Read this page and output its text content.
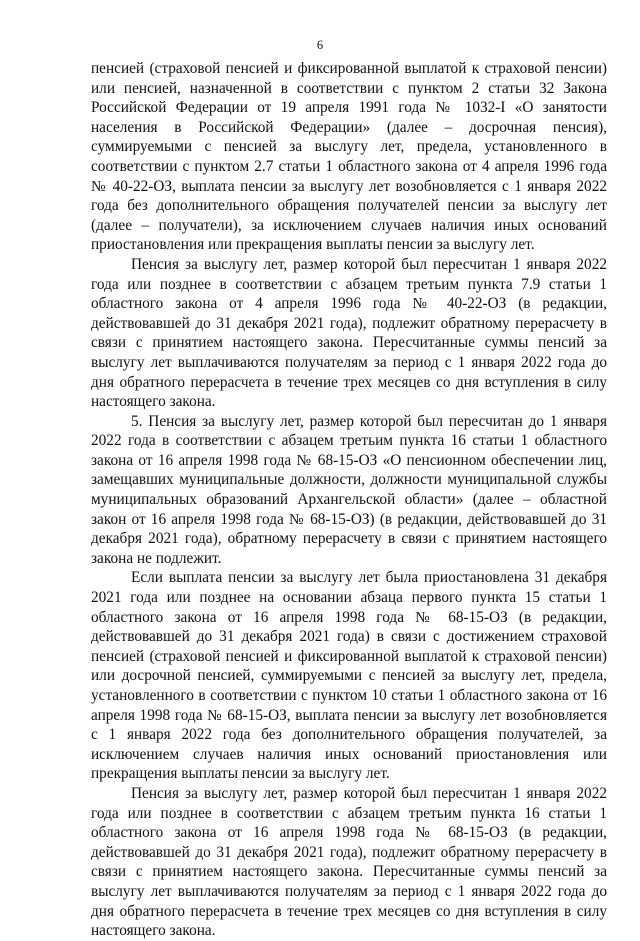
6

пенсией (страховой пенсией и фиксированной выплатой к страховой пенсии) или пенсией, назначенной в соответствии с пунктом 2 статьи 32 Закона Российской Федерации от 19 апреля 1991 года № 1032-I «О занятости населения в Российской Федерации» (далее – досрочная пенсия), суммируемыми с пенсией за выслугу лет, предела, установленного в соответствии с пунктом 2.7 статьи 1 областного закона от 4 апреля 1996 года № 40-22-ОЗ, выплата пенсии за выслугу лет возобновляется с 1 января 2022 года без дополнительного обращения получателей пенсии за выслугу лет (далее – получатели), за исключением случаев наличия иных оснований приостановления или прекращения выплаты пенсии за выслугу лет.

Пенсия за выслугу лет, размер которой был пересчитан 1 января 2022 года или позднее в соответствии с абзацем третьим пункта 7.9 статьи 1 областного закона от 4 апреля 1996 года № 40-22-ОЗ (в редакции, действовавшей до 31 декабря 2021 года), подлежит обратному перерасчету в связи с принятием настоящего закона. Пересчитанные суммы пенсий за выслугу лет выплачиваются получателям за период с 1 января 2022 года до дня обратного перерасчета в течение трех месяцев со дня вступления в силу настоящего закона.

5. Пенсия за выслугу лет, размер которой был пересчитан до 1 января 2022 года в соответствии с абзацем третьим пункта 16 статьи 1 областного закона от 16 апреля 1998 года № 68-15-ОЗ «О пенсионном обеспечении лиц, замещавших муниципальные должности, должности муниципальной службы муниципальных образований Архангельской области» (далее – областной закон от 16 апреля 1998 года № 68-15-ОЗ) (в редакции, действовавшей до 31 декабря 2021 года), обратному перерасчету в связи с принятием настоящего закона не подлежит.

Если выплата пенсии за выслугу лет была приостановлена 31 декабря 2021 года или позднее на основании абзаца первого пункта 15 статьи 1 областного закона от 16 апреля 1998 года № 68-15-ОЗ (в редакции, действовавшей до 31 декабря 2021 года) в связи с достижением страховой пенсией (страховой пенсией и фиксированной выплатой к страховой пенсии) или досрочной пенсией, суммируемыми с пенсией за выслугу лет, предела, установленного в соответствии с пунктом 10 статьи 1 областного закона от 16 апреля 1998 года № 68-15-ОЗ, выплата пенсии за выслугу лет возобновляется с 1 января 2022 года без дополнительного обращения получателей, за исключением случаев наличия иных оснований приостановления или прекращения выплаты пенсии за выслугу лет.

Пенсия за выслугу лет, размер которой был пересчитан 1 января 2022 года или позднее в соответствии с абзацем третьим пункта 16 статьи 1 областного закона от 16 апреля 1998 года № 68-15-ОЗ (в редакции, действовавшей до 31 декабря 2021 года), подлежит обратному перерасчету в связи с принятием настоящего закона. Пересчитанные суммы пенсий за выслугу лет выплачиваются получателям за период с 1 января 2022 года до дня обратного перерасчета в течение трех месяцев со дня вступления в силу настоящего закона.
